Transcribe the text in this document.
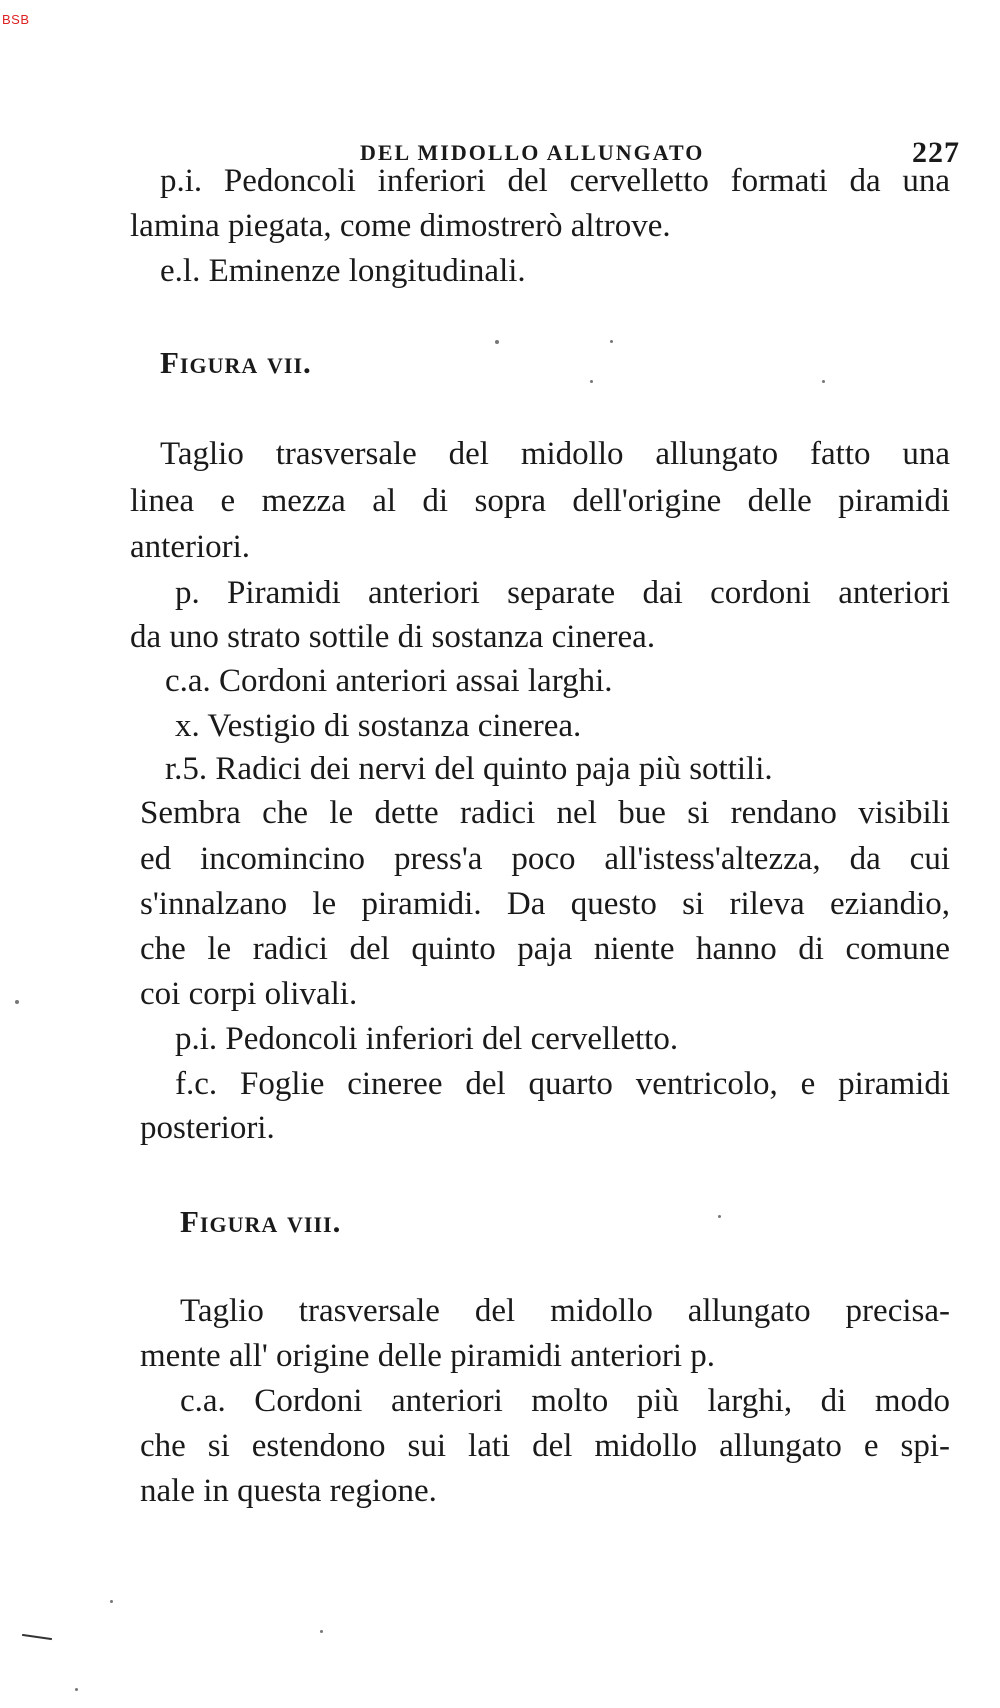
BSB
DEL MIDOLLO ALLUNGATO	227
p.i. Pedoncoli inferiori del cervelletto formati da una
lamina piegata, come dimostrerò altrove.
e.l. Eminenze longitudinali.
Figura vii.
Taglio trasversale del midollo allungato fatto una
linea e mezza al di sopra dell'origine delle piramidi
anteriori.
p. Piramidi anteriori separate dai cordoni anteriori
da uno strato sottile di sostanza cinerea.
c.a. Cordoni anteriori assai larghi.
x. Vestigio di sostanza cinerea.
r.5. Radici dei nervi del quinto paja più sottili.
Sembra che le dette radici nel bue si rendano visibili
ed incomincino press'a poco all'istess'altezza, da cui
s'innalzano le piramidi. Da questo si rileva eziandio,
che le radici del quinto paja niente hanno di comune
coi corpi olivali.
p.i. Pedoncoli inferiori del cervelletto.
f.c. Foglie cineree del quarto ventricolo, e piramidi
posteriori.
Figura viii.
Taglio trasversale del midollo allungato precisa-
mente all' origine delle piramidi anteriori p.
c.a. Cordoni anteriori molto più larghi, di modo
che si estendono sui lati del midollo allungato e spi-
nale in questa regione.
